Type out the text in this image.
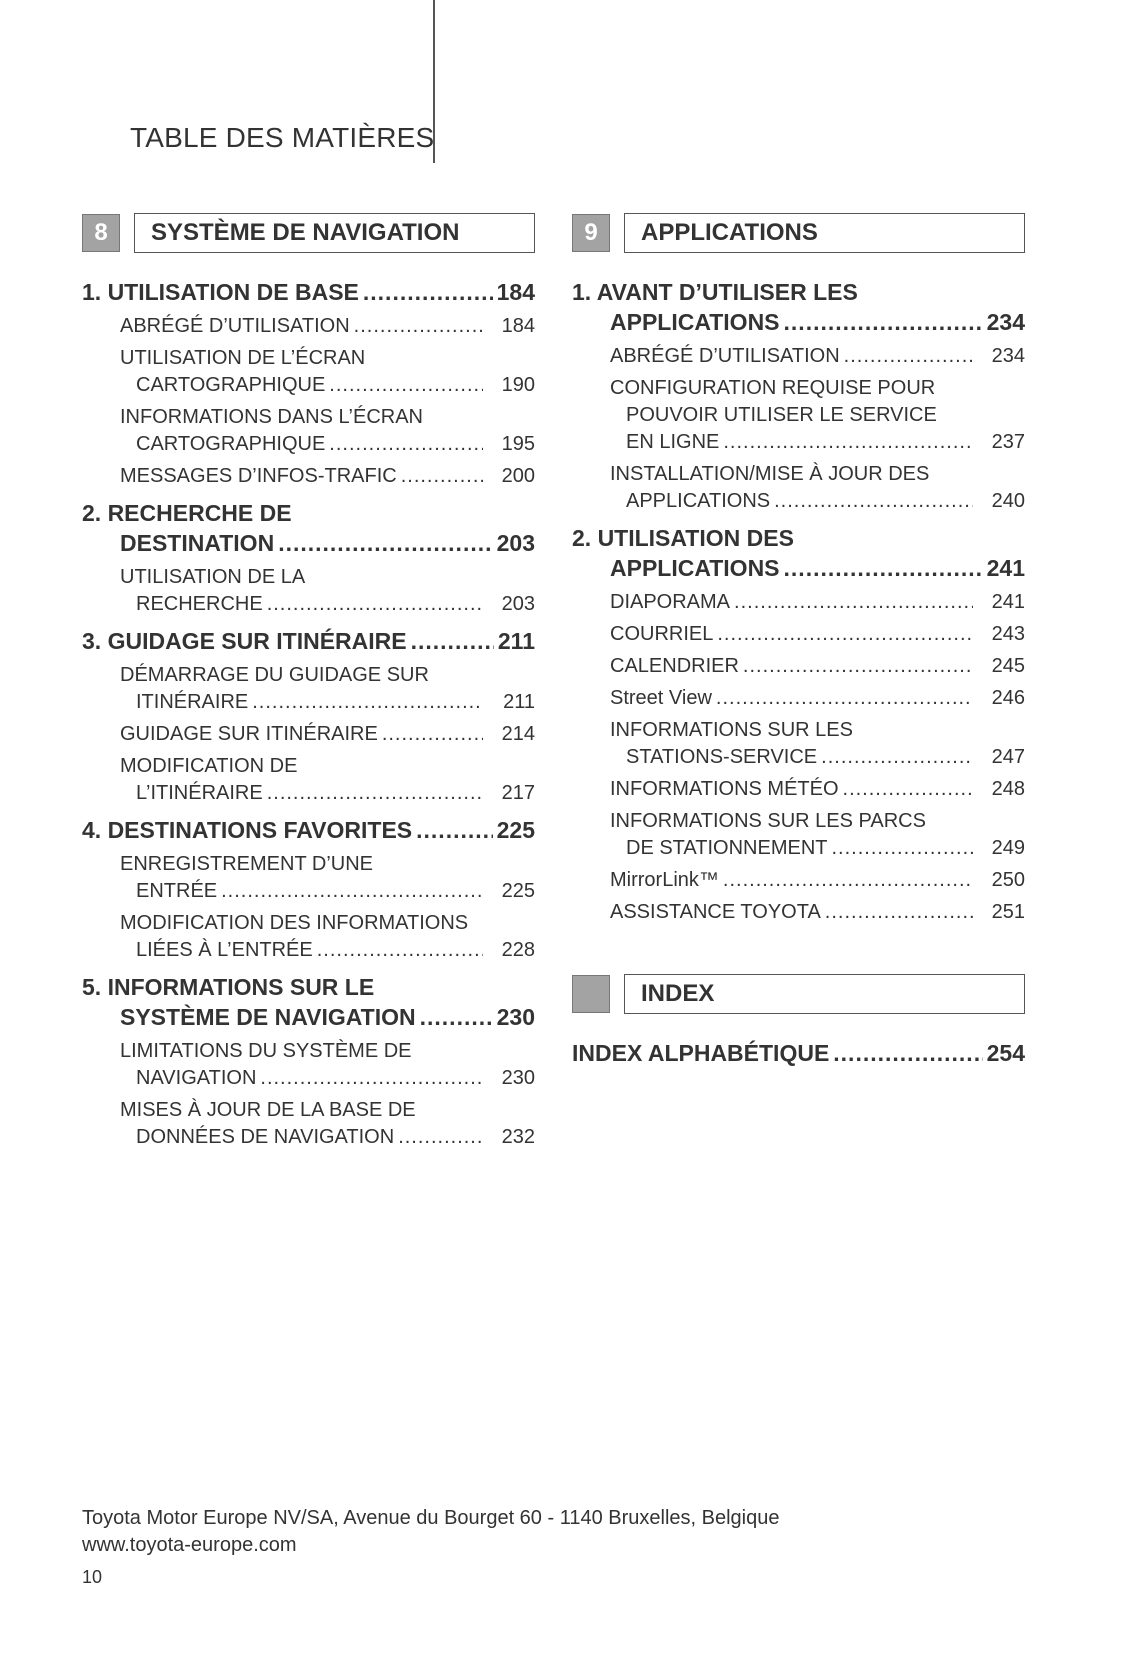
TABLE DES MATIÈRES
8	SYSTÈME DE NAVIGATION
1. UTILISATION DE BASE .....	184
ABRÉGÉ D’UTILISATION .....	184
UTILISATION DE L’ÉCRAN
CARTOGRAPHIQUE .....	190
INFORMATIONS DANS L’ÉCRAN
CARTOGRAPHIQUE .....	195
MESSAGES D’INFOS-TRAFIC .....	200
2. RECHERCHE DE
DESTINATION .....	203
UTILISATION DE LA
RECHERCHE .....	203
3. GUIDAGE SUR ITINÉRAIRE .....	211
DÉMARRAGE DU GUIDAGE SUR
ITINÉRAIRE .....	211
GUIDAGE SUR ITINÉRAIRE .....	214
MODIFICATION DE
L’ITINÉRAIRE .....	217
4. DESTINATIONS FAVORITES .....	225
ENREGISTREMENT D’UNE
ENTRÉE .....	225
MODIFICATION DES INFORMATIONS
LIÉES À L’ENTRÉE .....	228
5. INFORMATIONS SUR LE
SYSTÈME DE NAVIGATION .....	230
LIMITATIONS DU SYSTÈME DE
NAVIGATION .....	230
MISES À JOUR DE LA BASE DE
DONNÉES DE NAVIGATION .....	232
9	APPLICATIONS
1. AVANT D’UTILISER LES
APPLICATIONS .....	234
ABRÉGÉ D’UTILISATION .....	234
CONFIGURATION REQUISE POUR
POUVOIR UTILISER LE SERVICE
EN LIGNE .....	237
INSTALLATION/MISE À JOUR DES
APPLICATIONS .....	240
2. UTILISATION DES
APPLICATIONS .....	241
DIAPORAMA .....	241
COURRIEL .....	243
CALENDRIER .....	245
Street View .....	246
INFORMATIONS SUR LES
STATIONS-SERVICE .....	247
INFORMATIONS MÉTÉO .....	248
INFORMATIONS SUR LES PARCS
DE STATIONNEMENT .....	249
MirrorLink™ .....	250
ASSISTANCE TOYOTA .....	251
INDEX
INDEX ALPHABÉTIQUE .....	254
Toyota Motor Europe NV/SA, Avenue du Bourget 60 - 1140 Bruxelles, Belgique
www.toyota-europe.com
10
